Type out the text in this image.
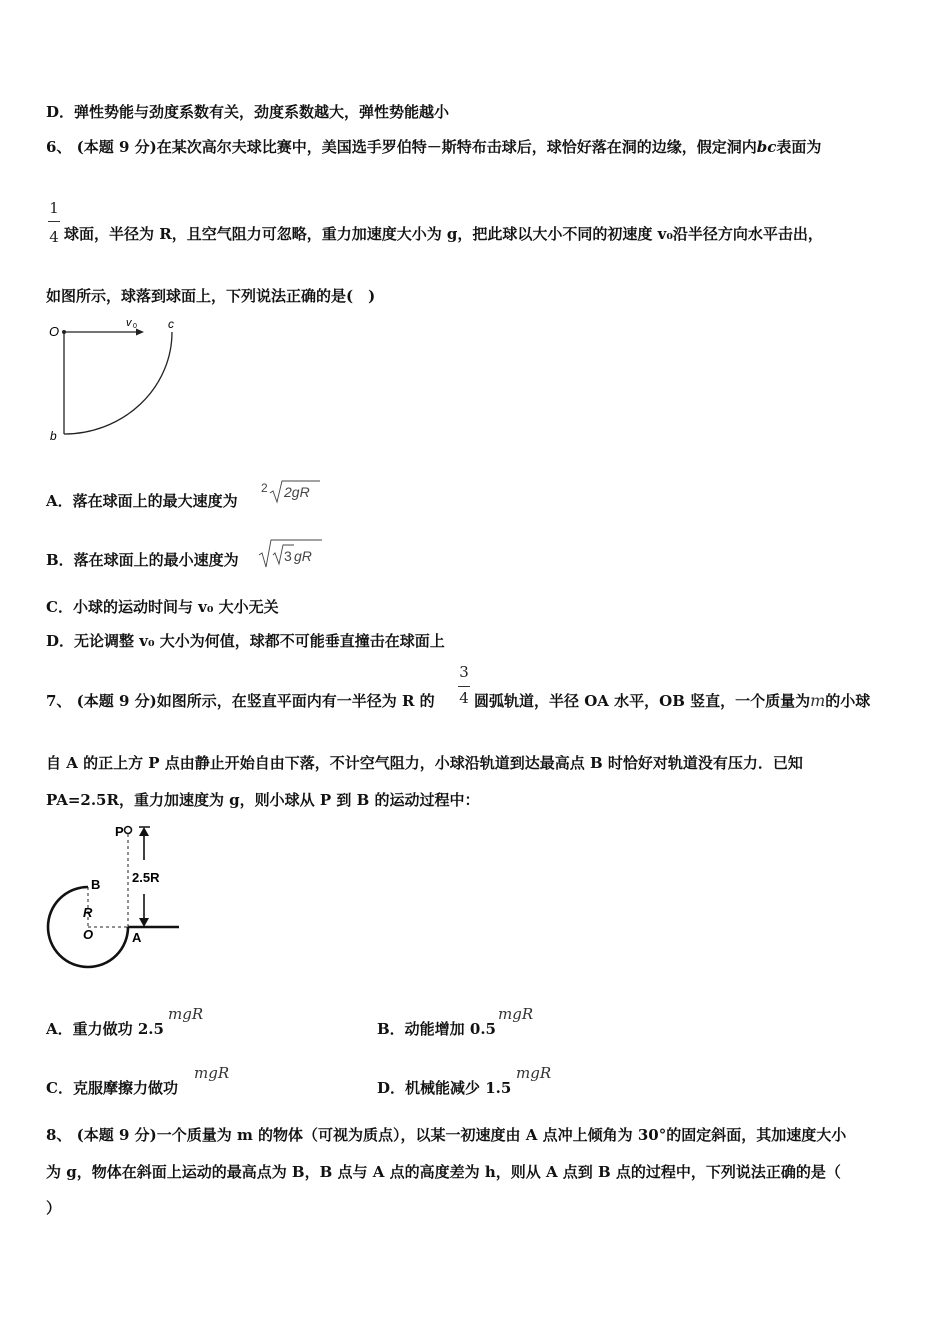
D．弹性势能与劲度系数有关，劲度系数越大，弹性势能越小
6、 (本题 9 分)在某次高尔夫球比赛中，美国选手罗伯特－斯特布击球后，球恰好落在洞的边缘，假定洞内bc表面为
1
4 球面，半径为 R，且空气阻力可忽略，重力加速度大小为 g，把此球以大小不同的初速度 v₀沿半径方向水平击出，
如图所示，球落到球面上，下列说法正确的是(　)
O
v 0	c
b
A．落在球面上的最大速度为
2 2gR
B．落在球面上的最小速度为	3 gR
C．小球的运动时间与 v₀ 大小无关
D．无论调整 v₀ 大小为何值，球都不可能垂直撞击在球面上
7、 (本题 9 分)如图所示，在竖直平面内有一半径为 R 的
3
4 圆弧轨道，半径 OA 水平，OB 竖直，一个质量为m的小球
自 A 的正上方 P 点由静止开始自由下落，不计空气阻力，小球沿轨道到达最高点 B 时恰好对轨道没有压力．已知
PA=2.5R，重力加速度为 g，则小球从 P 到 B 的运动过程中：
P
2.5R
B
R
O	A
A．重力做功 2.5
mgR
B．动能增加 0.5
mgR
C．克服摩擦力做功
mgR
D．机械能减少 1.5
mgR
8、 (本题 9 分)一个质量为 m 的物体（可视为质点），以某一初速度由 A 点冲上倾角为 30°的固定斜面，其加速度大小
为 g，物体在斜面上运动的最高点为 B，B 点与 A 点的高度差为 h，则从 A 点到 B 点的过程中，下列说法正确的是（
）
